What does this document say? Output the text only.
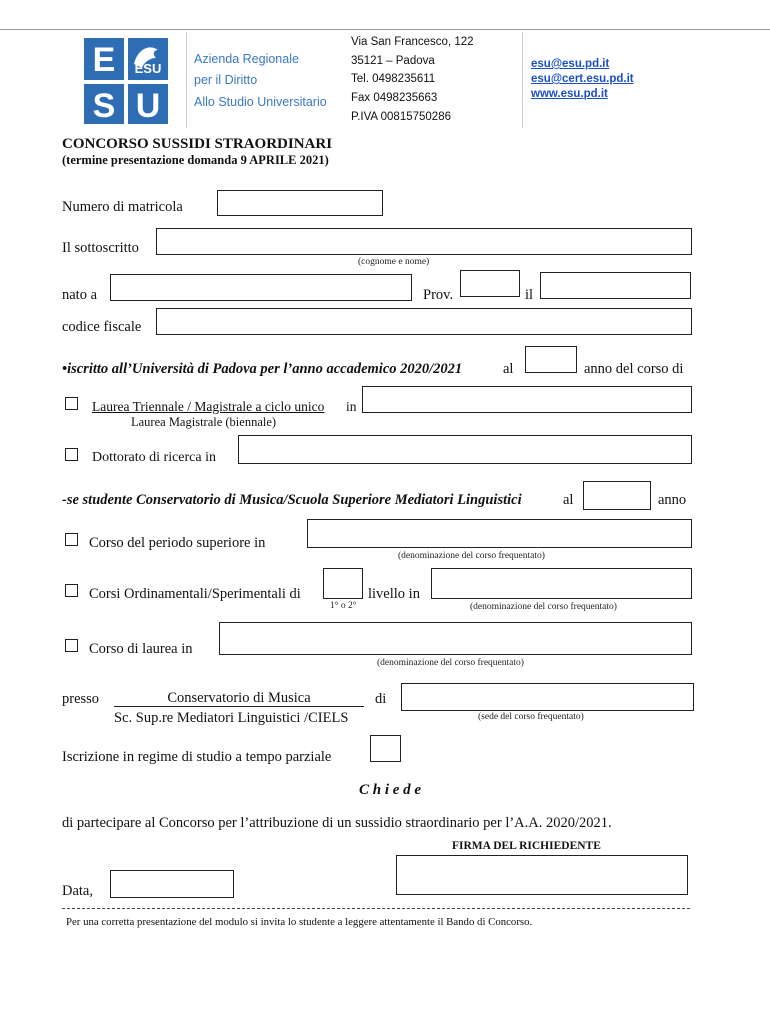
E	ESU
S U
Azienda Regionale
per il Diritto
Allo Studio Universitario
Via San Francesco, 122
35121 – Padova
Tel. 0498235611
Fax 0498235663
P.IVA 00815750286
esu@esu.pd.it
esu@cert.esu.pd.it
www.esu.pd.it
CONCORSO SUSSIDI STRAORDINARI
(termine presentazione domanda 9 APRILE 2021)
Numero di matricola
Il sottoscritto
(cognome e nome)
nato a	Prov.	il
codice fiscale
•iscritto all’Università di Padova per l’anno accademico 2020/2021	al	anno del corso di
Laurea Triennale / Magistrale a ciclo unico in
Laurea Magistrale (biennale)
Dottorato di ricerca in
-se studente Conservatorio di Musica/Scuola Superiore Mediatori Linguistici	al	anno
Corso del periodo superiore in
(denominazione del corso frequentato)
Corsi Ordinamentali/Sperimentali di	livello in
1° o 2°	(denominazione del corso frequentato)
Corso di laurea in
(denominazione del corso frequentato)
presso	Conservatorio di Musica	di
Sc. Sup.re Mediatori Linguistici /CIELS	(sede del corso frequentato)
Iscrizione in regime di studio a tempo parziale
C h i e d e
di partecipare al Concorso per l’attribuzione di un sussidio straordinario per l’A.A. 2020/2021.
FIRMA DEL RICHIEDENTE
Data,
Per una corretta presentazione del modulo si invita lo studente a leggere attentamente il Bando di Concorso.
